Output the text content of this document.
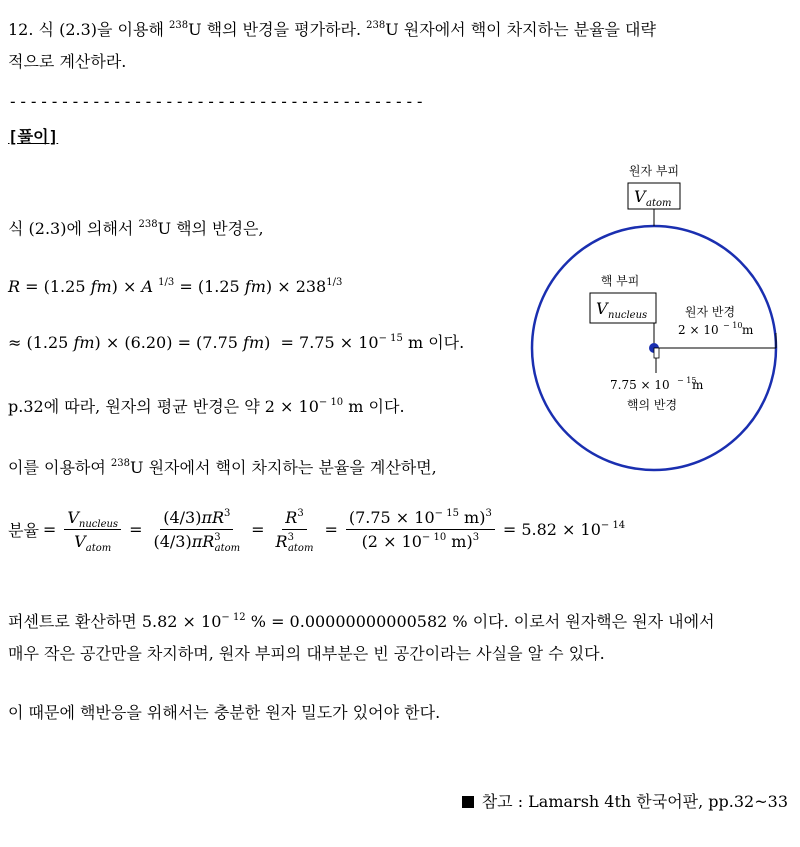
12. 식 (2.3)을 이용해 $^{238}$U 핵의 반경을 평가하라. $^{238}$U 원자에서 핵이 차지하는 분율을 대략
적으로 계산하라.
----------------------------------------
[풀이]
식 (2.3)에 의해서 $^{238}$U 핵의 반경은,
R = (1.25 fm) × A $^{1/3}$ = (1.25 $fm) \times 238^{1/3}$
≈ (1.25 fm) × (6.20) = (7.75 $fm) = 7.75 \times 10^{- 15}$ m 이다.
p.32에 따라, 원자의 평균 반경은 약 $2 \times 10^{- 10}$ m 이다.
이를 이용하여 $^{238}$U 원자에서 핵이 차지하는 분율을 계산하면,
분율 = $\frac{V_{nucleus}}{V_{atom}} = \frac{(4/3)\pi R^3}{(4/3)\pi R^3_{atom}} = \frac{R^3}{R^3_{atom}} = \frac{(7.75 \times 10^{- 15} m)^3}{(2 \times 10^{- 10} m)^3} = 5.82 \times 10^{- 14}$
퍼센트로 환산하면 $5.82 \times 10^{- 12}$ % = 0.00000000000582 % 이다. 이로서 원자핵은 원자 내에서
매우 작은 공간만을 차지하며, 원자 부피의 대부분은 빈 공간이라는 사실을 알 수 있다.
이 때문에 핵반응을 위해서는 충분한 원자 밀도가 있어야 한다.
참고 : Lamarsh 4th 한국어판, pp.32~33
원자 부피
V atom
핵 부피
V nucleus	원자 반경
2 × 10 − 10 m
7.75 × 10 − 15
m
핵의 반경
